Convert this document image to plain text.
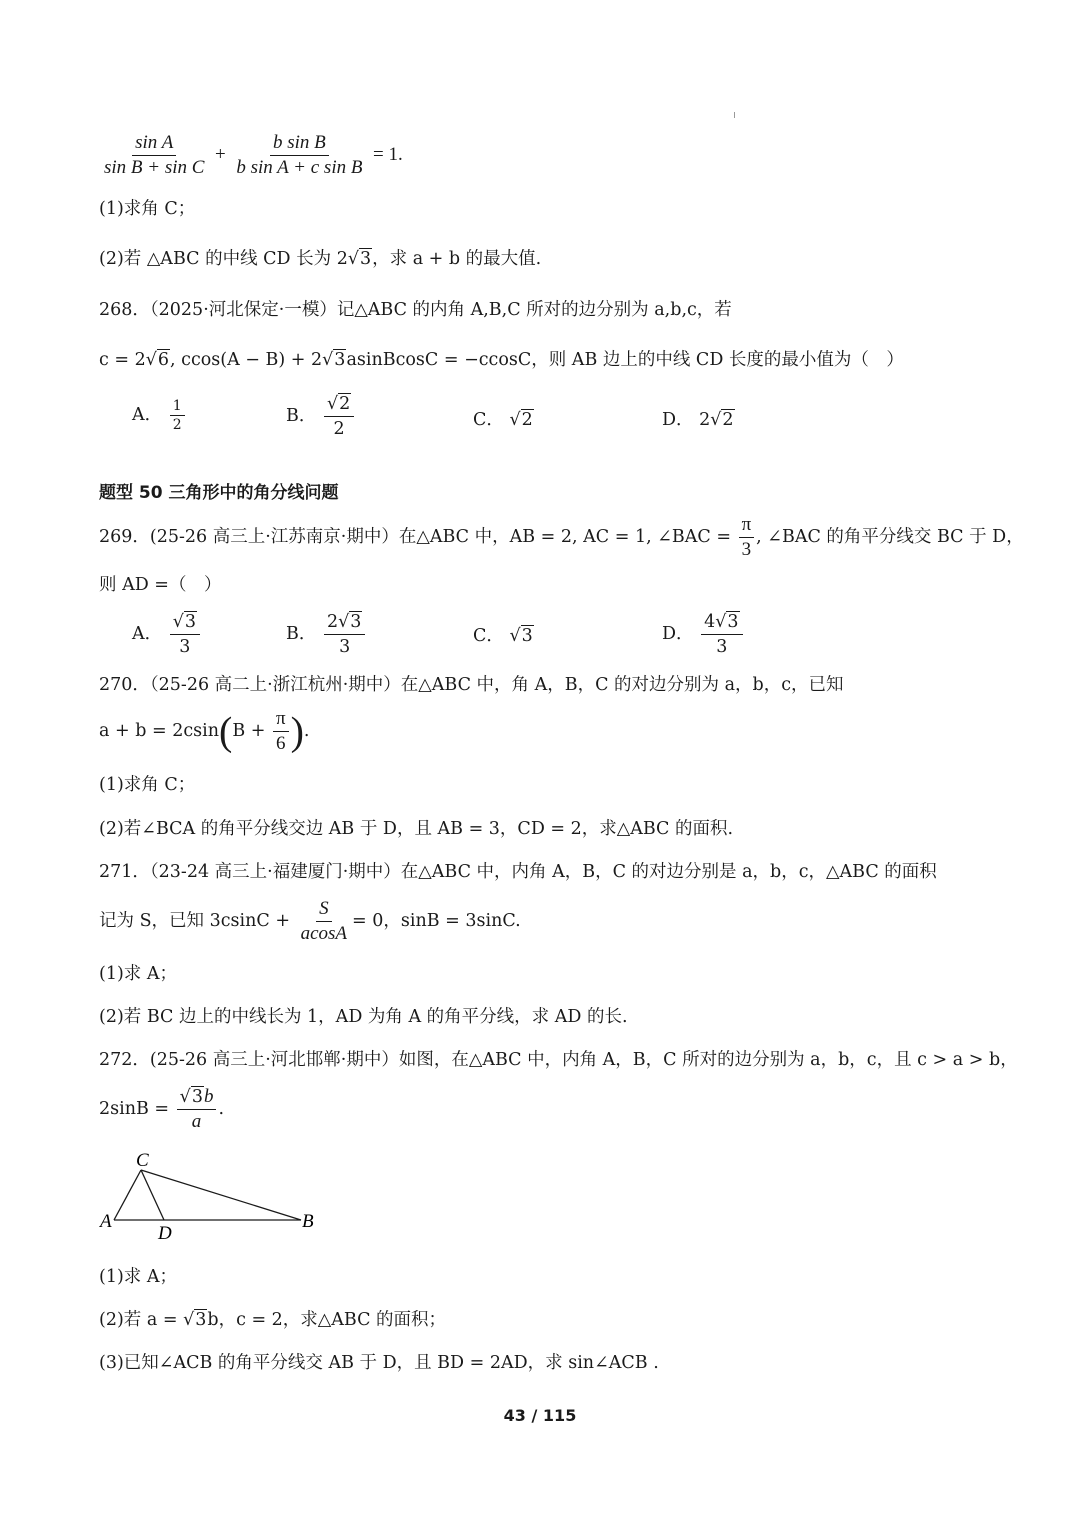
$\frac{\text{sin A}}{\text{sin B + sin C}} + \frac{\text{b sin B}}{\text{b sin A + c sin B}} = 1$.
(1)求角 C；
(2)若 △ABC 的中线 CD 长为 2√3，求 a + b 的最大值.
268．（2025·河北保定·一模）记△ABC 的内角 A,B,C 所对的边分别为 a,b,c，若
c = 2√6, ccos(A − B) + 2√3asinBcosC = −ccosC，则 AB 边上的中线 CD 长度的最小值为（　）
A． $\frac{1}{2}$	B． $\frac{√2}{2}$	C． √2	D． 2√2
题型 50 三角形中的角分线问题
269．(25-26 高三上·江苏南京·期中）在△ABC 中，AB = 2, AC = 1, ∠BAC = $\frac{\pi}{3}$ , ∠BAC 的角平分线交 BC 于 D，
则 AD =（　）
A． $\frac{√3}{3}$	B． $\frac{2√3}{3}$	C． √3	D． $\frac{4√3}{3}$
270．（25-26 高二上·浙江杭州·期中）在△ABC 中，角 A，B，C 的对边分别为 a，b，c，已知
$a + b = 2csin(B + \frac{\pi}{6}$ ).
(1)求角 C；
(2)若∠BCA 的角平分线交边 AB 于 D，且 AB = 3，CD = 2，求△ABC 的面积.
271．（23-24 高三上·福建厦门·期中）在△ABC 中，内角 A，B，C 的对边分别是 a，b，c，△ABC 的面积
记为 S，已知 $3csinC + \frac{S}{acosA} = 0$，sinB = 3sinC.
(1)求 A；
(2)若 BC 边上的中线长为 1，AD 为角 A 的角平分线，求 AD 的长.
272．(25-26 高三上·河北邯郸·期中）如图，在△ABC 中，内角 A，B，C 所对的边分别为 a，b，c，且 c > a > b，
$2\sin B = \frac{√3b}{a}$ .
A	B
C
D
(1)求 A；
(2)若 a = √3b，c = 2，求△ABC 的面积；
(3)已知∠ACB 的角平分线交 AB 于 D，且 BD = 2AD，求 sin∠ACB .
43 / 115
